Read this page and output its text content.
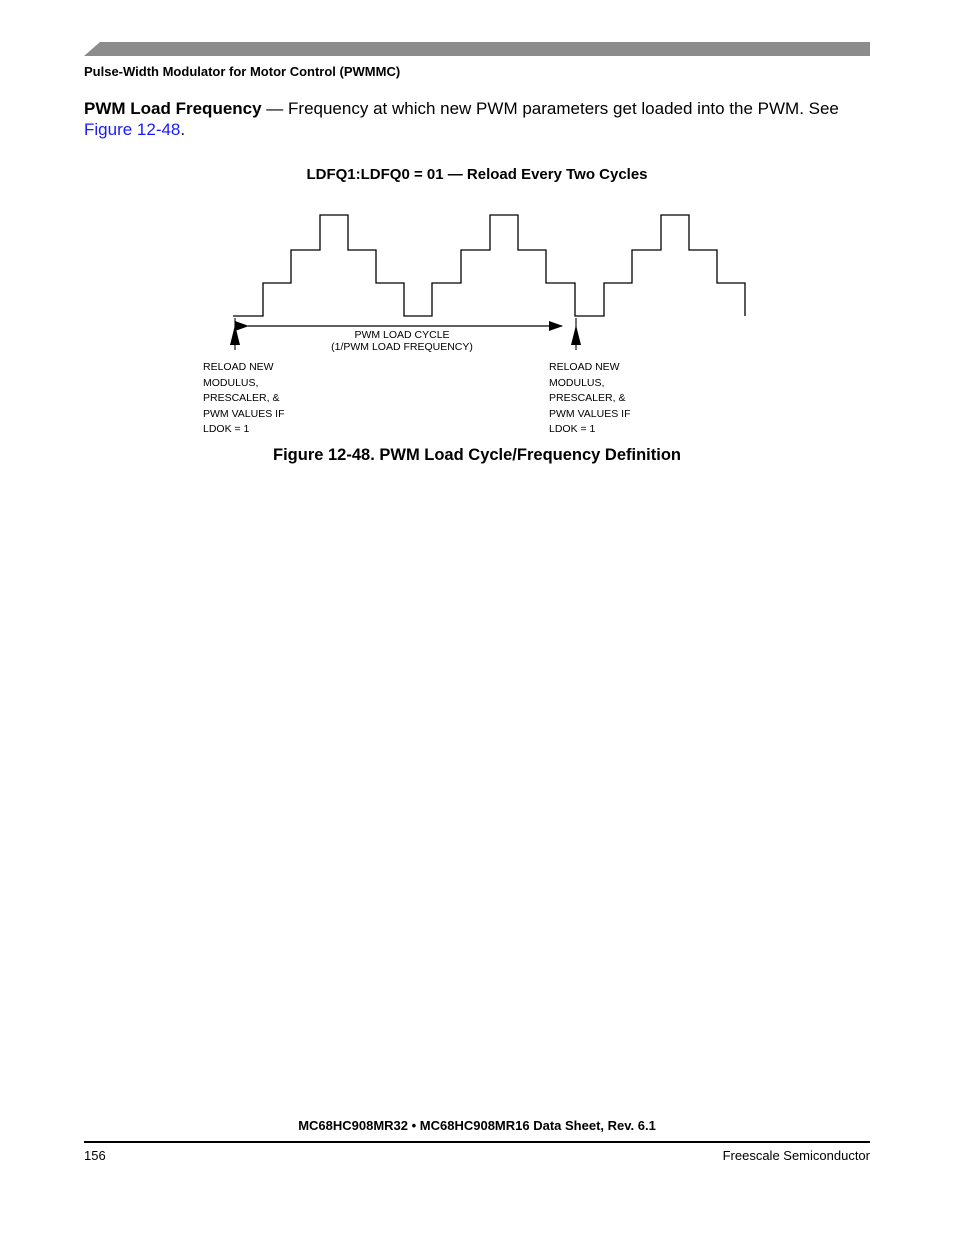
Pulse-Width Modulator for Motor Control (PWMMC)
PWM Load Frequency — Frequency at which new PWM parameters get loaded into the PWM. See Figure 12-48.
LDFQ1:LDFQ0 = 01 — Reload Every Two Cycles
PWM LOAD CYCLE
(1/PWM LOAD FREQUENCY)
RELOAD NEW
MODULUS,
PRESCALER, &
PWM VALUES IF
LDOK = 1
RELOAD NEW
MODULUS,
PRESCALER, &
PWM VALUES IF
LDOK = 1
Figure 12-48. PWM Load Cycle/Frequency Definition
MC68HC908MR32 • MC68HC908MR16 Data Sheet, Rev. 6.1
156	Freescale Semiconductor
